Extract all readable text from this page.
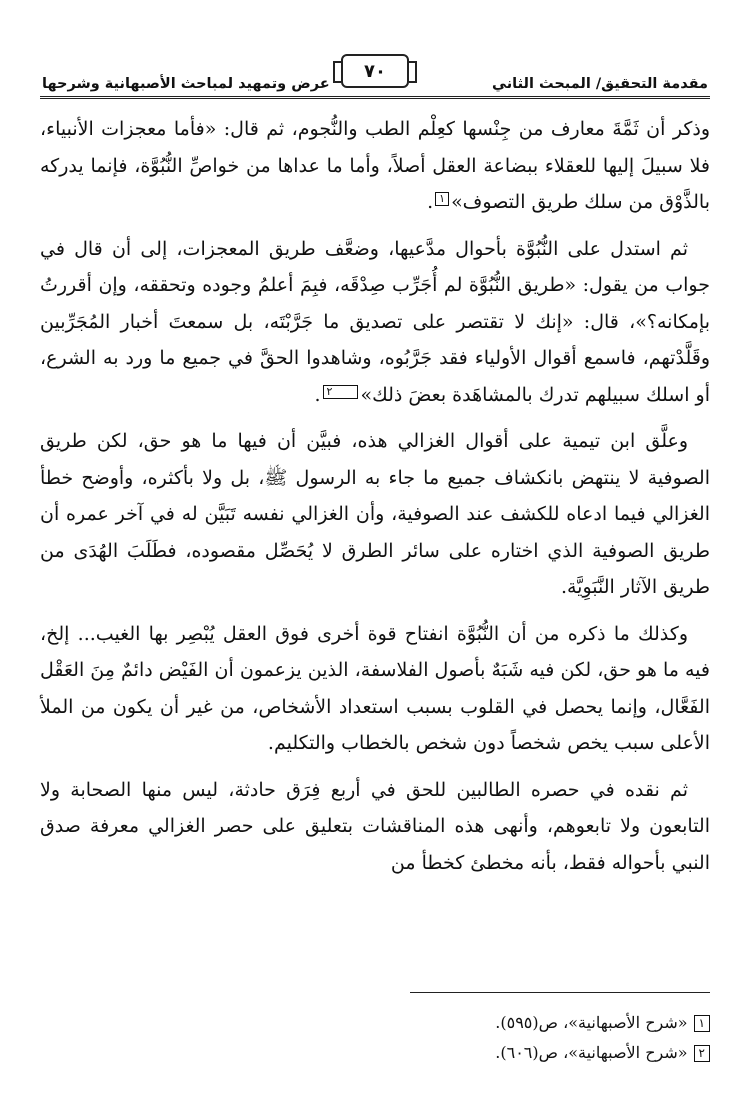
مقدمة التحقيق/ المبحث الثاني
٧٠
عرض وتمهيد لمباحث الأصبهانية وشرحها

وذكر أن ثَمَّةَ معارف من جِنْسها كعِلْم الطب والنُّجوم، ثم قال: «فأما معجزات الأنبياء، فلا سبيلَ إليها للعقلاء ببضاعة العقل أصلاً، وأما ما عداها من خواصِّ النُّبُوَّة، فإنما يدركه بالذَّوْق من سلك طريق التصوف»١.

ثم استدل على النُّبُوَّة بأحوال مدَّعيها، وضعَّف طريق المعجزات، إلى أن قال في جواب من يقول: «طريق النُّبُوَّة لم أُجَرِّب صِدْقَه، فبِمَ أعلمُ وجوده وتحققه، وإن أقررتُ بإمكانه؟»، قال: «إنك لا تقتصر على تصديق ما جَرَّبْتَه، بل سمعتَ أخبار المُجَرِّبين وقَلَّدْتهم، فاسمع أقوال الأولياء فقد جَرَّبُوه، وشاهدوا الحقَّ في جميع ما ورد به الشرع، أو اسلك سبيلهم تدرك بالمشاهَدة بعضَ ذلك»٢.

وعلَّق ابن تيمية على أقوال الغزالي هذه، فبيَّن أن فيها ما هو حق، لكن طريق الصوفية لا ينتهض بانكشاف جميع ما جاء به الرسول ﷺ، بل ولا بأكثره، وأوضح خطأ الغزالي فيما ادعاه للكشف عند الصوفية، وأن الغزالي نفسه تَبَيَّن له في آخر عمره أن طريق الصوفية الذي اختاره على سائر الطرق لا يُحَصِّل مقصوده، فطَلَبَ الهُدَى من طريق الآثار النَّبَوِيَّة.

وكذلك ما ذكره من أن النُّبُوَّة انفتاح قوة أخرى فوق العقل يُبْصِر بها الغيب... إلخ، فيه ما هو حق، لكن فيه شَبَهٌ بأصول الفلاسفة، الذين يزعمون أن الفَيْض دائمٌ مِنَ العَقْل الفَعَّال، وإنما يحصل في القلوب بسبب استعداد الأشخاص، من غير أن يكون من الملأ الأعلى سبب يخص شخصاً دون شخص بالخطاب والتكليم.

ثم نقده في حصره الطالبين للحق في أربع فِرَق حادثة، ليس منها الصحابة ولا التابعون ولا تابعوهم، وأنهى هذه المناقشات بتعليق على حصر الغزالي معرفة صدق النبي بأحواله فقط، بأنه مخطئ كخطأ من

١
«شرح الأصبهانية»، ص(٥٩٥).
٢
«شرح الأصبهانية»، ص(٦٠٦).
